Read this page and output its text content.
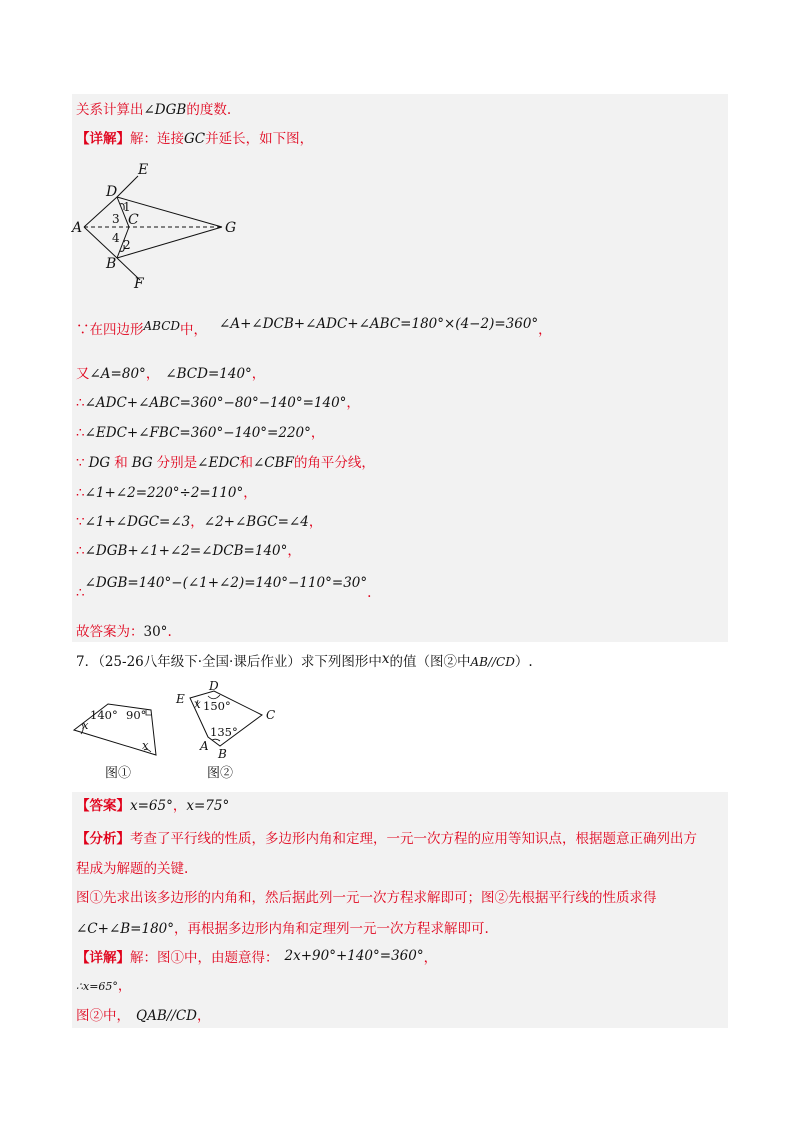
关系计算出∠DGB的度数.
【详解】解：连接GC并延长，如下图，
E
D
A	C	G
B
F
1
2
3
4
∵在四边形ABCD中， ∠A+∠DCB+∠ADC+∠ABC=180°×(4−2)=360°，
又∠A=80°， ∠BCD=140°，
∴∠ADC+∠ABC=360°−80°−140°=140°，
∴∠EDC+∠FBC=360°−140°=220°，
∵ DG 和 BG 分别是∠EDC和∠CBF的角平分线，
∴∠1+∠2=220°÷2=110°，
∵∠1+∠DGC=∠3，∠2+∠BGC=∠4，
∴∠DGB+∠1+∠2=∠DCB=140°，
∴∠DGB=140°−(∠1+∠2)=140°−110°=30°.
故答案为：30°.
7．（25-26八年级下·全国·课后作业）求下列图形中x的值（图②中AB//CD）.
140° 90°
x
x
图①
E
D
C
A
B
x 150°
135°
图②
【答案】x=65°，x=75°
【分析】考查了平行线的性质，多边形内角和定理，一元一次方程的应用等知识点，根据题意正确列出方
程成为解题的关键.
图①先求出该多边形的内角和，然后据此列一元一次方程求解即可；图②先根据平行线的性质求得
∠C+∠B=180°，再根据多边形内角和定理列一元一次方程求解即可.
【详解】解：图①中，由题意得： 2x+90°+140°=360°，
∴x=65°，
图②中， QAB//CD，
